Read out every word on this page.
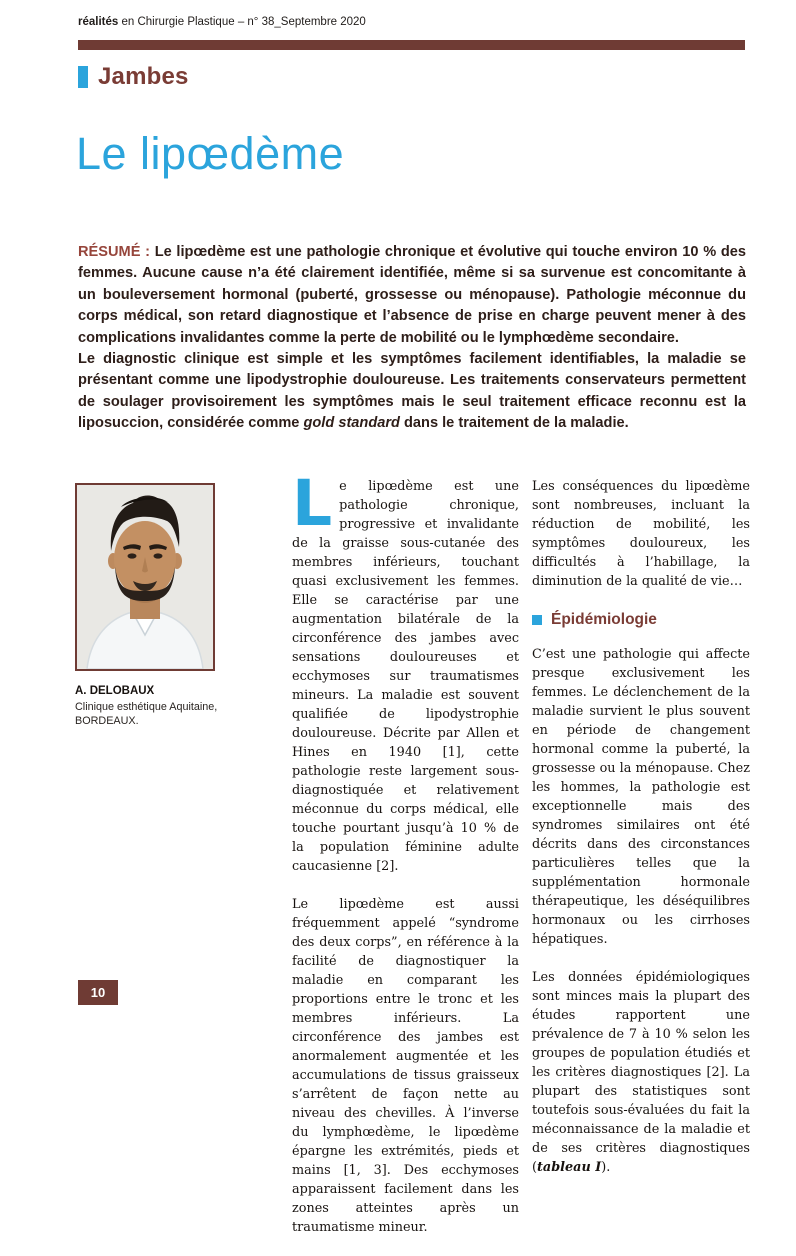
réalités en Chirurgie Plastique – n° 38_Septembre 2020
Jambes
Le lipœdème

RÉSUMÉ : Le lipœdème est une pathologie chronique et évolutive qui touche environ 10 % des femmes. Aucune cause n’a été clairement identifiée, même si sa survenue est concomitante à un bouleversement hormonal (puberté, grossesse ou ménopause). Pathologie méconnue du corps médical, son retard diagnostique et l’absence de prise en charge peuvent mener à des complications invalidantes comme la perte de mobilité ou le lymphœdème secondaire.

Le diagnostic clinique est simple et les symptômes facilement identifiables, la maladie se présentant comme une lipodystrophie douloureuse. Les traitements conservateurs permettent de soulager provisoirement les symptômes mais le seul traitement efficace reconnu est la liposuccion, considérée comme gold standard dans le traitement de la maladie.

A. DELOBAUX

Clinique esthétique Aquitaine,
BORDEAUX.

Le lipœdème est une pathologie chronique, progressive et invalidante de la graisse sous-cutanée des membres inférieurs, touchant quasi exclusivement les femmes. Elle se caractérise par une augmentation bilatérale de la circonférence des jambes avec sensations douloureuses et ecchymoses sur traumatismes mineurs. La maladie est souvent qualifiée de lipodystrophie douloureuse. Décrite par Allen et Hines en 1940 [1], cette pathologie reste largement sous-diagnostiquée et relativement méconnue du corps médical, elle touche pourtant jusqu’à 10 % de la population féminine adulte caucasienne [2].

Le lipœdème est aussi fréquemment appelé “syndrome des deux corps”, en référence à la facilité de diagnostiquer la maladie en comparant les proportions entre le tronc et les membres inférieurs. La circonférence des jambes est anormalement augmentée et les accumulations de tissus graisseux s’arrêtent de façon nette au niveau des chevilles. À l’inverse du lymphœdème, le lipœdème épargne les extrémités, pieds et mains [1, 3]. Des ecchymoses apparaissent facilement dans les zones atteintes après un traumatisme mineur.

Les conséquences du lipœdème sont nombreuses, incluant la réduction de mobilité, les symptômes douloureux, les difficultés à l’habillage, la diminution de la qualité de vie…

Épidémiologie

C’est une pathologie qui affecte presque exclusivement les femmes. Le déclenchement de la maladie survient le plus souvent en période de changement hormonal comme la puberté, la grossesse ou la ménopause. Chez les hommes, la pathologie est exceptionnelle mais des syndromes similaires ont été décrits dans des circonstances particulières telles que la supplémentation hormonale thérapeutique, les déséquilibres hormonaux ou les cirrhoses hépatiques.

Les données épidémiologiques sont minces mais la plupart des études rapportent une prévalence de 7 à 10 % selon les groupes de population étudiés et les critères diagnostiques [2]. La plupart des statistiques sont toutefois sous-évaluées du fait la méconnaissance de la maladie et de ses critères diagnostiques (tableau I).

10
